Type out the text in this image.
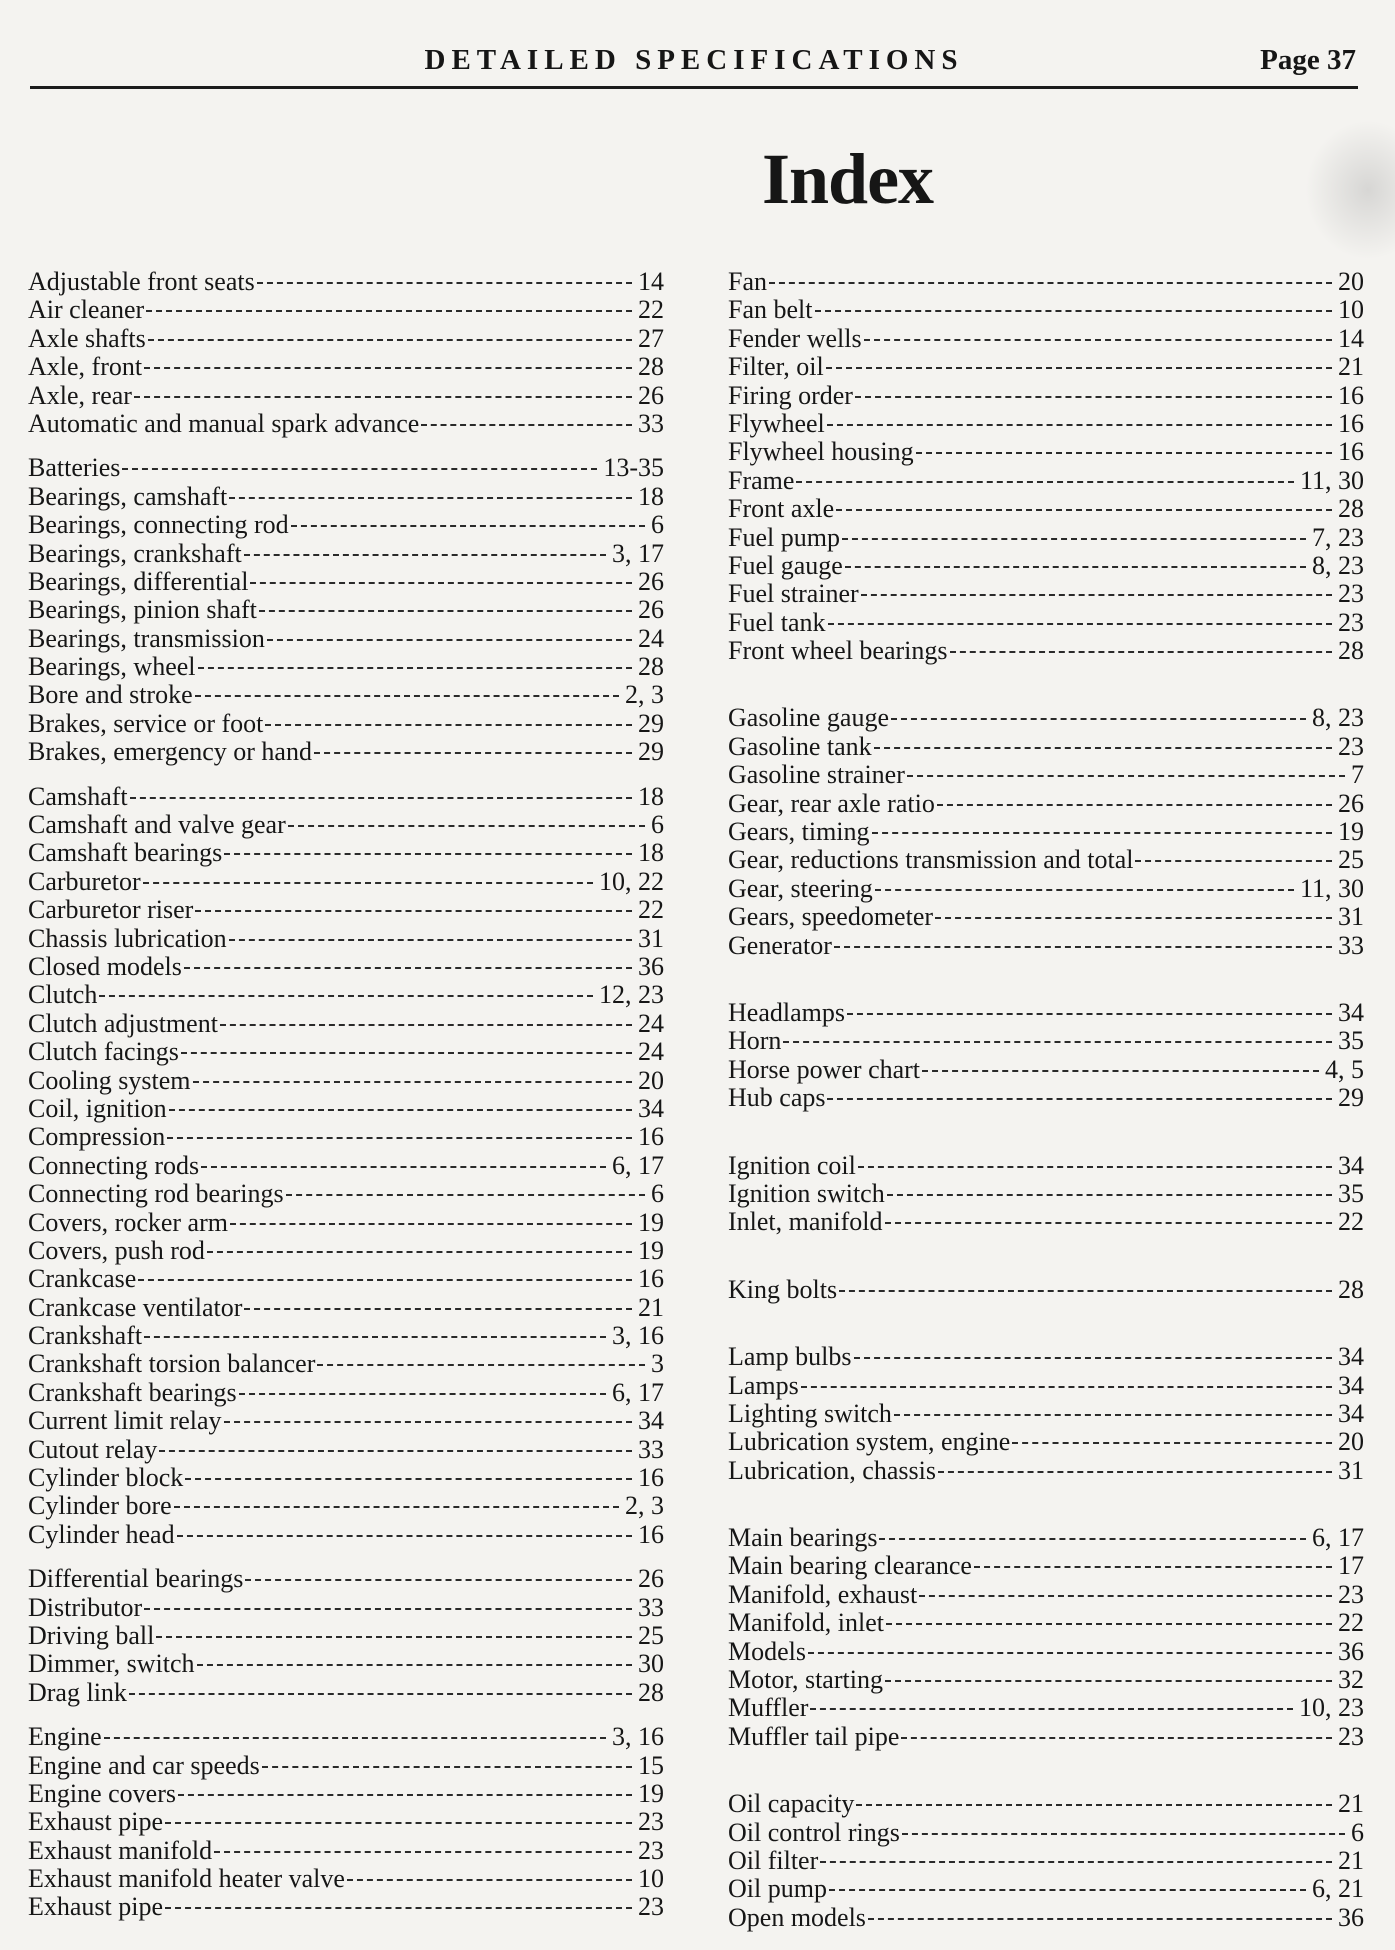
DETAILED SPECIFICATIONS	Page 37
Index
Adjustable front seats	14
Air cleaner	22
Axle shafts	27
Axle, front	28
Axle, rear	26
Automatic and manual spark advance	33
Batteries	13-35
Bearings, camshaft	18
Bearings, connecting rod	6
Bearings, crankshaft	3, 17
Bearings, differential	26
Bearings, pinion shaft	26
Bearings, transmission	24
Bearings, wheel	28
Bore and stroke	2, 3
Brakes, service or foot	29
Brakes, emergency or hand	29
Camshaft	18
Camshaft and valve gear	6
Camshaft bearings	18
Carburetor	10, 22
Carburetor riser	22
Chassis lubrication	31
Closed models	36
Clutch	12, 23
Clutch adjustment	24
Clutch facings	24
Cooling system	20
Coil, ignition	34
Compression	16
Connecting rods	6, 17
Connecting rod bearings	6
Covers, rocker arm	19
Covers, push rod	19
Crankcase	16
Crankcase ventilator	21
Crankshaft	3, 16
Crankshaft torsion balancer	3
Crankshaft bearings	6, 17
Current limit relay	34
Cutout relay	33
Cylinder block	16
Cylinder bore	2, 3
Cylinder head	16
Differential bearings	26
Distributor	33
Driving ball	25
Dimmer, switch	30
Drag link	28
Engine	3, 16
Engine and car speeds	15
Engine covers	19
Exhaust pipe	23
Exhaust manifold	23
Exhaust manifold heater valve	10
Exhaust pipe	23
Fan	20
Fan belt	10
Fender wells	14
Filter, oil	21
Firing order	16
Flywheel	16
Flywheel housing	16
Frame	11, 30
Front axle	28
Fuel pump	7, 23
Fuel gauge	8, 23
Fuel strainer	23
Fuel tank	23
Front wheel bearings	28
Gasoline gauge	8, 23
Gasoline tank	23
Gasoline strainer	7
Gear, rear axle ratio	26
Gears, timing	19
Gear, reductions transmission and total	25
Gear, steering	11, 30
Gears, speedometer	31
Generator	33
Headlamps	34
Horn	35
Horse power chart	4, 5
Hub caps	29
Ignition coil	34
Ignition switch	35
Inlet, manifold	22
King bolts	28
Lamp bulbs	34
Lamps	34
Lighting switch	34
Lubrication system, engine	20
Lubrication, chassis	31
Main bearings	6, 17
Main bearing clearance	17
Manifold, exhaust	23
Manifold, inlet	22
Models	36
Motor, starting	32
Muffler	10, 23
Muffler tail pipe	23
Oil capacity	21
Oil control rings	6
Oil filter	21
Oil pump	6, 21
Open models	36
